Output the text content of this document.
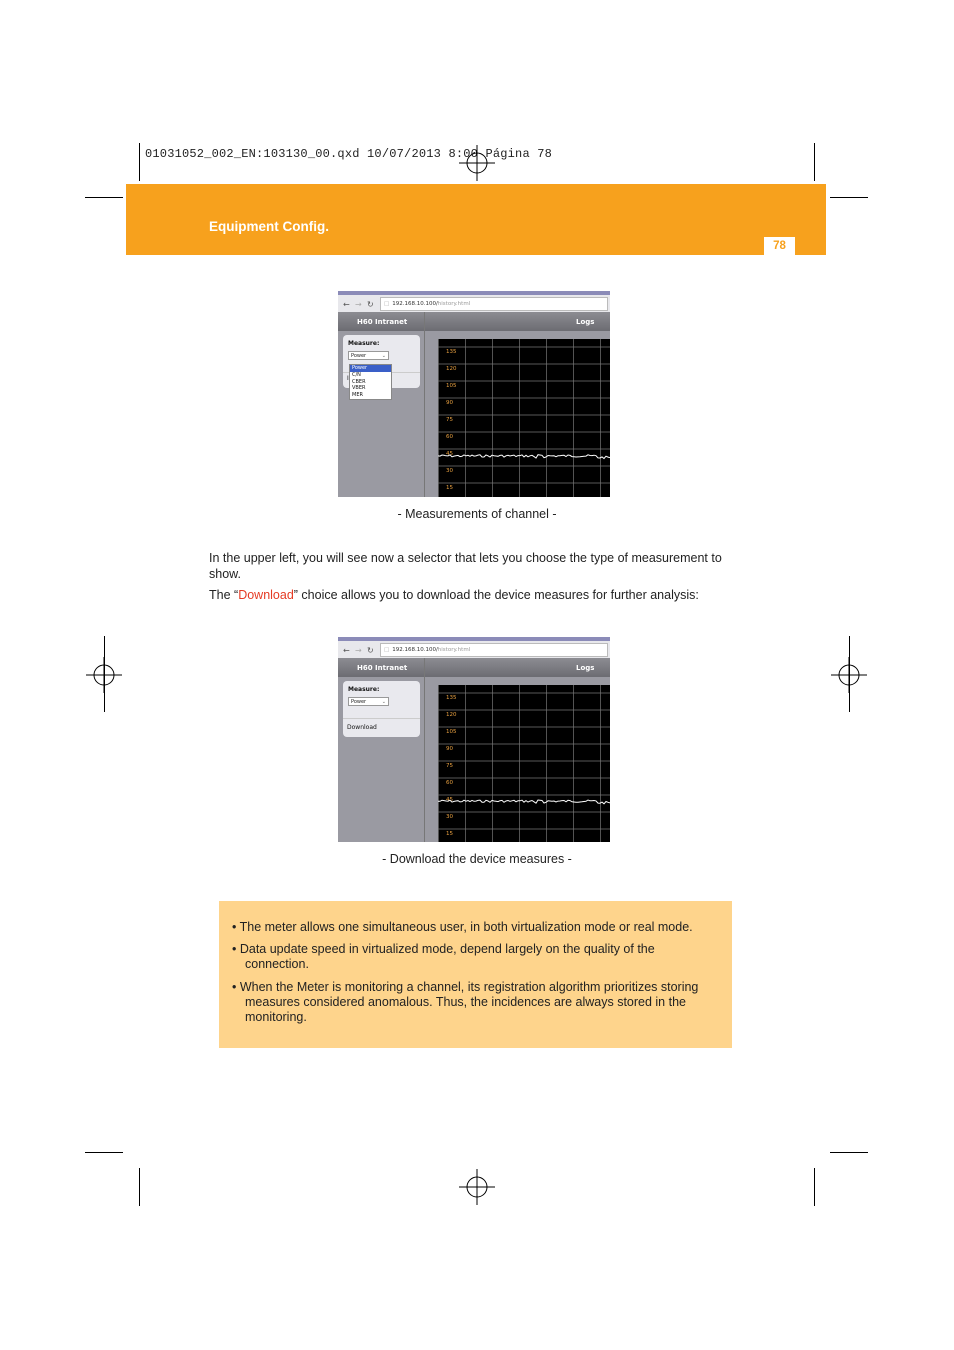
01031052_002_EN:103130_00.qxd 10/07/2013 8:00 Página 78
Equipment Config.
78
← → ↻	□ 192.168.10.100/history.html
H60 Intranet	Logs
Measure:
Power	⌄
I
Power
C/N
CBER
VBER
MER
135
120
105
90
75
60
45
30
15
- Measurements of channel -
In the upper left, you will see now a selector that lets you choose the type of measurement to show.
The “Download” choice allows you to download the device measures for further analysis:
← → ↻	□ 192.168.10.100/history.html
H60 Intranet	Logs
Measure:
Power	⌄
Download
135
120
105
90
75
60
45
30
15
- Download the device measures -
• The meter allows one simultaneous user, in both virtualization mode or real mode.
• Data update speed in virtualized mode, depend largely on the quality of the
connection.
• When the Meter is monitoring a channel, its registration algorithm prioritizes storing
measures considered anomalous. Thus, the incidences are always stored in the
monitoring.
